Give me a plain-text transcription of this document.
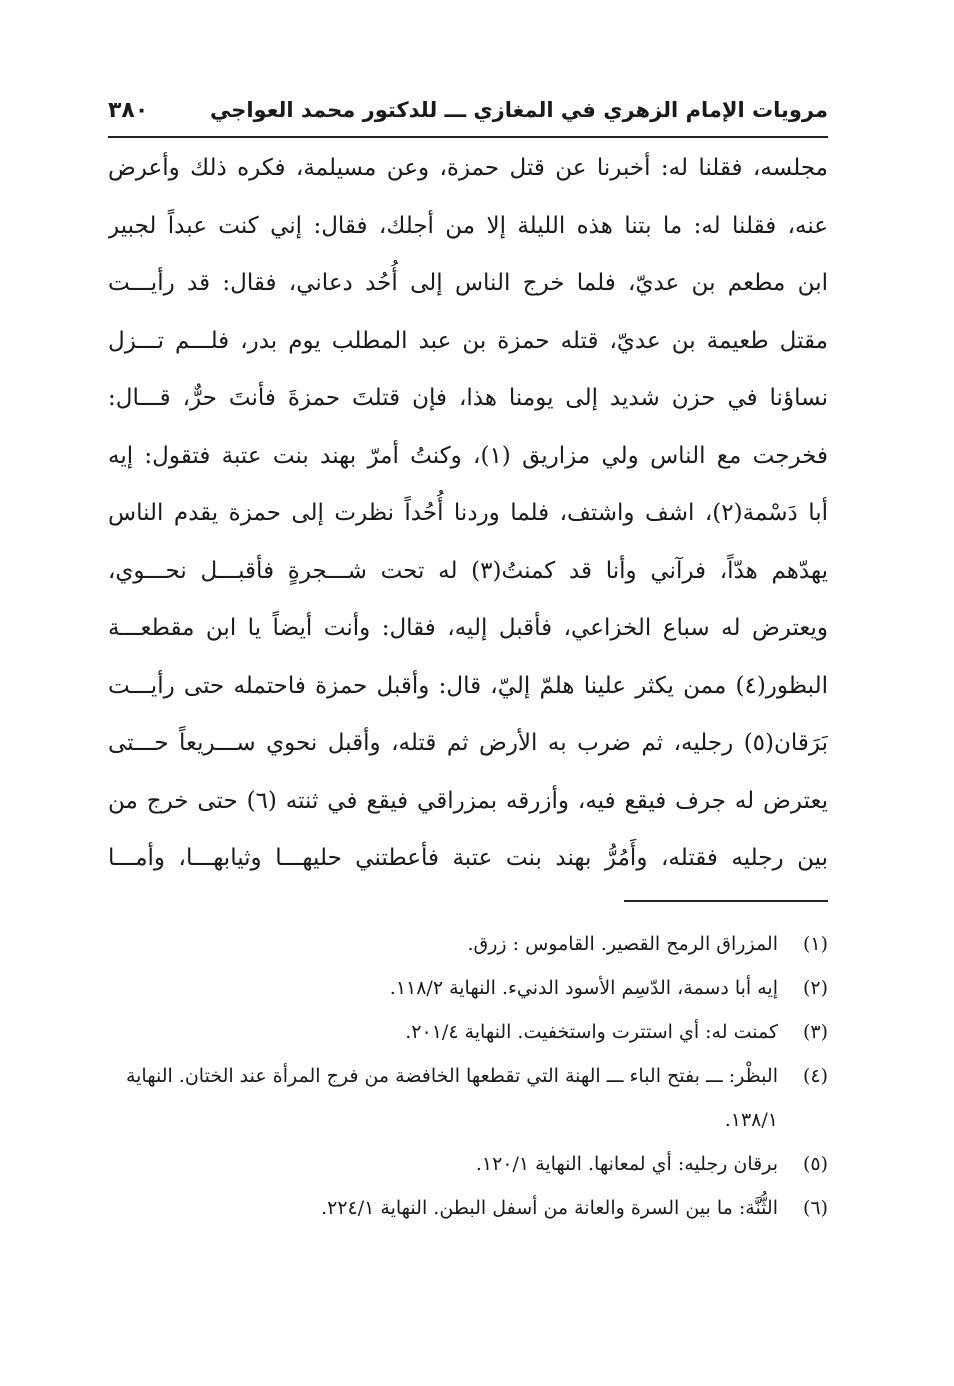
مرويات الإمام الزهري في المغازي ـــ للدكتور محمد العواجي
٣٨٠
مجلسه، فقلنا له: أخبرنا عن قتل حمزة، وعن مسيلمة، فكره ذلك وأعرض
عنه، فقلنا له: ما بتنا هذه الليلة إلا من أجلك، فقال: إني كنت عبداً لجبير
ابن مطعم بن عديّ، فلما خرج الناس إلى أُحُد دعاني، فقال: قد رأيـــت
مقتل طعيمة بن عديّ، قتله حمزة بن عبد المطلب يوم بدر، فلـــم تـــزل
نساؤنا في حزن شديد إلى يومنا هذا، فإن قتلتَ حمزةَ فأنتَ حرٌّ، قـــال:
فخرجت مع الناس ولي مزاريق (١)، وكنتُ أمرّ بهند بنت عتبة فتقول: إيه
أبا دَسْمة(٢)، اشف واشتف، فلما وردنا أُحُداً نظرت إلى حمزة يقدم الناس
يهدّهم هدّاً، فرآني وأنا قد كمنتُ(٣) له تحت شـــجرةٍ فأقبـــل نحـــوي،
ويعترض له سباع الخزاعي، فأقبل إليه، فقال: وأنت أيضاً يا ابن مقطعـــة
البظور(٤) ممن يكثر علينا هلمّ إليّ، قال: وأقبل حمزة فاحتمله حتى رأيـــت
بَرَقان(٥) رجليه، ثم ضرب به الأرض ثم قتله، وأقبل نحوي ســـريعاً حـــتى
يعترض له جرف فيقع فيه، وأزرقه بمزراقي فيقع في ثنته (٦) حتى خرج من
بين رجليه فقتله، وأَمُرُّ بهند بنت عتبة فأعطتني حليهـــا وثيابهـــا، وأمـــا
(١)
المزراق الرمح القصير. القاموس : زرق.
(٢)
إيه أبا دسمة، الدّسِم الأسود الدنيء. النهاية ١١٨/٢.
(٣)
كمنت له: أي استترت واستخفيت. النهاية ٢٠١/٤.
(٤)
البظْر: ـــ بفتح الباء ـــ الهنة التي تقطعها الخافضة من فرج المرأة عند الختان. النهاية ١٣٨/١.
(٥)
برقان رجليه: أي لمعانها. النهاية ١٢٠/١.
(٦)
الثُّنَّة: ما بين السرة والعانة من أسفل البطن. النهاية ٢٢٤/١.
